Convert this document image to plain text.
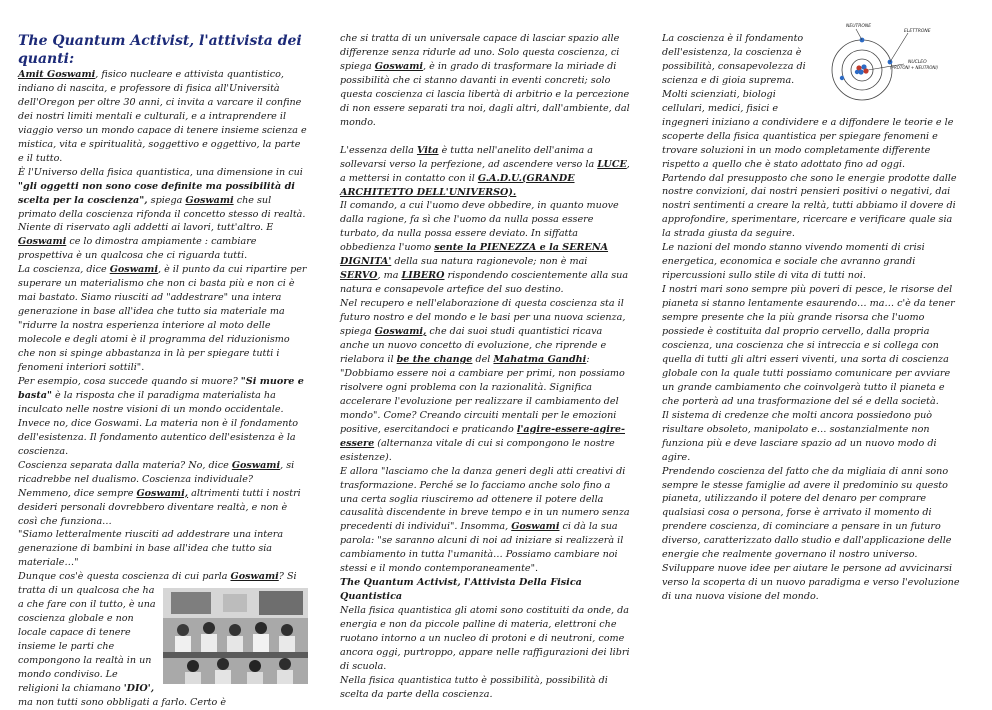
The Quantum Activist, l'attivista dei quanti:

Amit Goswami, fisico nucleare e attivista quantistico, indiano di nascita, e professore di fisica all'Università dell'Oregon per oltre 30 anni, ci invita a varcare il confine dei nostri limiti mentali e culturali, e a intraprendere il viaggio verso un mondo capace di tenere insieme scienza e mistica, vita e spiritualità, soggettivo e oggettivo, la parte e il tutto.

È l'Universo della fisica quantistica, una dimensione in cui "gli oggetti non sono cose definite ma possibilità di scelta per la coscienza", spiega Goswami che sul primato della coscienza rifonda il concetto stesso di realtà. Niente di riservato agli addetti ai lavori, tutt'altro. E Goswami ce lo dimostra ampiamente : cambiare prospettiva è un qualcosa che ci riguarda tutti.

La coscienza, dice Goswami, è il punto da cui ripartire per superare un materialismo che non ci basta più e non ci è mai bastato. Siamo riusciti ad "addestrare" una intera generazione in base all'idea che tutto sia materiale ma "ridurre la nostra esperienza interiore al moto delle molecole e degli atomi è il programma del riduzionismo che non si spinge abbastanza in là per spiegare tutti i fenomeni interiori sottili".

Per esempio, cosa succede quando si muore? "Si muore e basta" è la risposta che il paradigma materialista ha inculcato nelle nostre visioni di un mondo occidentale. Invece no, dice Goswami. La materia non è il fondamento dell'esistenza. Il fondamento autentico dell'esistenza è la coscienza.

Coscienza separata dalla materia? No, dice Goswami, si ricadrebbe nel dualismo. Coscienza individuale? Nemmeno, dice sempre Goswami, altrimenti tutti i nostri desideri personali dovrebbero diventare realtà, e non è così che funziona…

"Siamo letteralmente riusciti ad addestrare una intera generazione di bambini in base all'idea che tutto sia materiale…"

Dunque cos'è questa coscienza di cui parla Goswami
? Si tratta di un qualcosa che ha a che fare con il tutto, è una coscienza globale e non locale capace di tenere insieme le parti che compongono la realtà in un mondo condiviso. Le religioni la chiamano 'DIO', ma non tutti sono obbligati a farlo. Certo è

che si tratta di un universale capace di lasciar spazio alle differenze senza ridurle ad uno. Solo questa coscienza, ci spiega Goswami, è in grado di trasformare la miriade di possibilità che ci stanno davanti in eventi concreti; solo questa coscienza ci lascia libertà di arbitrio e la percezione di non essere separati tra noi, dagli altri, dall'ambiente, dal mondo.

L'essenza della Vita è tutta nell'anelito dell'anima a sollevarsi verso la perfezione, ad ascendere verso la LUCE, a mettersi in contatto con il G.A.D.U.(GRANDE ARCHITETTO DELL'UNIVERSO).

Il comando, a cui l'uomo deve obbedire, in quanto muove dalla ragione, fa sì che l'uomo da nulla possa essere turbato, da nulla possa essere deviato. In siffatta obbedienza l'uomo sente la PIENEZZA e la SERENA DIGNITA' della sua natura ragionevole; non è mai SERVO, ma LIBERO rispondendo coscientemente alla sua natura e consapevole artefice del suo destino.

Nel recupero e nell'elaborazione di questa coscienza sta il futuro nostro e del mondo e le basi per una nuova scienza, spiega Goswami, che dai suoi studi quantistici ricava anche un nuovo concetto di evoluzione, che riprende e rielabora il be the change del Mahatma Gandhi: "Dobbiamo essere noi a cambiare per primi, non possiamo risolvere ogni problema con la razionalità. Significa accelerare l'evoluzione per realizzare il cambiamento del mondo". Come? Creando circuiti mentali per le emozioni positive, esercitandoci e praticando l'agire-essere-agire-essere (alternanza vitale di cui si compongono le nostre esistenze).

E allora "lasciamo che la danza generi degli atti creativi di trasformazione. Perché se lo facciamo anche solo fino a una certa soglia riusciremo ad ottenere il potere della causalità discendente in breve tempo e in un numero senza precedenti di individui". Insomma, Goswami ci dà la sua parola: "se saranno alcuni di noi ad iniziare si realizzerà il cambiamento in tutta l'umanità… Possiamo cambiare noi stessi e il mondo contemporaneamente".

The Quantum Activist, l'Attivista Della Fisica Quantistica

Nella fisica quantistica gli atomi sono costituiti da onde, da energia e non da piccole palline di materia, elettroni che ruotano intorno a un nucleo di protoni e di neutroni, come ancora oggi, purtroppo, appare nelle raffigurazioni dei libri di scuola.

Nella fisica quantistica tutto è possibilità, possibilità di scelta da parte della coscienza.

NEUTRONE
ELETTRONE
NUCLEO
(PROTONI + NEUTRONI)
La coscienza è il fondamento dell'esistenza, la coscienza è possibilità, consapevolezza di scienza e di gioia suprema.

Molti scienziati, biologi cellulari, medici, fisici e ingegneri iniziano a condividere e a diffondere le teorie e le scoperte della fisica quantistica per spiegare fenomeni e trovare soluzioni in un modo completamente differente rispetto a quello che è stato adottato fino ad oggi.

Partendo dal presupposto che sono le energie prodotte dalle nostre convizioni, dai nostri pensieri positivi o negativi, dai nostri sentimenti a creare la reltà, tutti abbiamo il dovere di approfondire, sperimentare, ricercare e verificare quale sia la strada giusta da seguire.

Le nazioni del mondo stanno vivendo momenti di crisi energetica, economica e sociale che avranno grandi ripercussioni sullo stile di vita di tutti noi.

I nostri mari sono sempre più poveri di pesce, le risorse del pianeta si stanno lentamente esaurendo… ma… c'è da tener sempre presente che la più grande risorsa che l'uomo possiede è costituita dal proprio cervello, dalla propria coscienza, una coscienza che si intreccia e si collega con quella di tutti gli altri esseri viventi, una sorta di coscienza globale con la quale tutti possiamo comunicare per avviare un grande cambiamento che coinvolgerà tutto il pianeta e che porterà ad una trasformazione del sé e della società.

Il sistema di credenze che molti ancora possiedono può risultare obsoleto, manipolato e… sostanzialmente non funziona più e deve lasciare spazio ad un nuovo modo di agire.

Prendendo coscienza del fatto che da migliaia di anni sono sempre le stesse famiglie ad avere il predominio su questo pianeta, utilizzando il potere del denaro per comprare qualsiasi cosa o persona, forse è arrivato il momento di prendere coscienza, di cominciare a pensare in un futuro diverso, caratterizzato dallo studio e dall'applicazione delle energie che realmente governano il nostro universo.

Sviluppare nuove idee per aiutare le persone ad avvicinarsi verso la scoperta di un nuovo paradigma e verso l'evoluzione di una nuova visione del mondo.
